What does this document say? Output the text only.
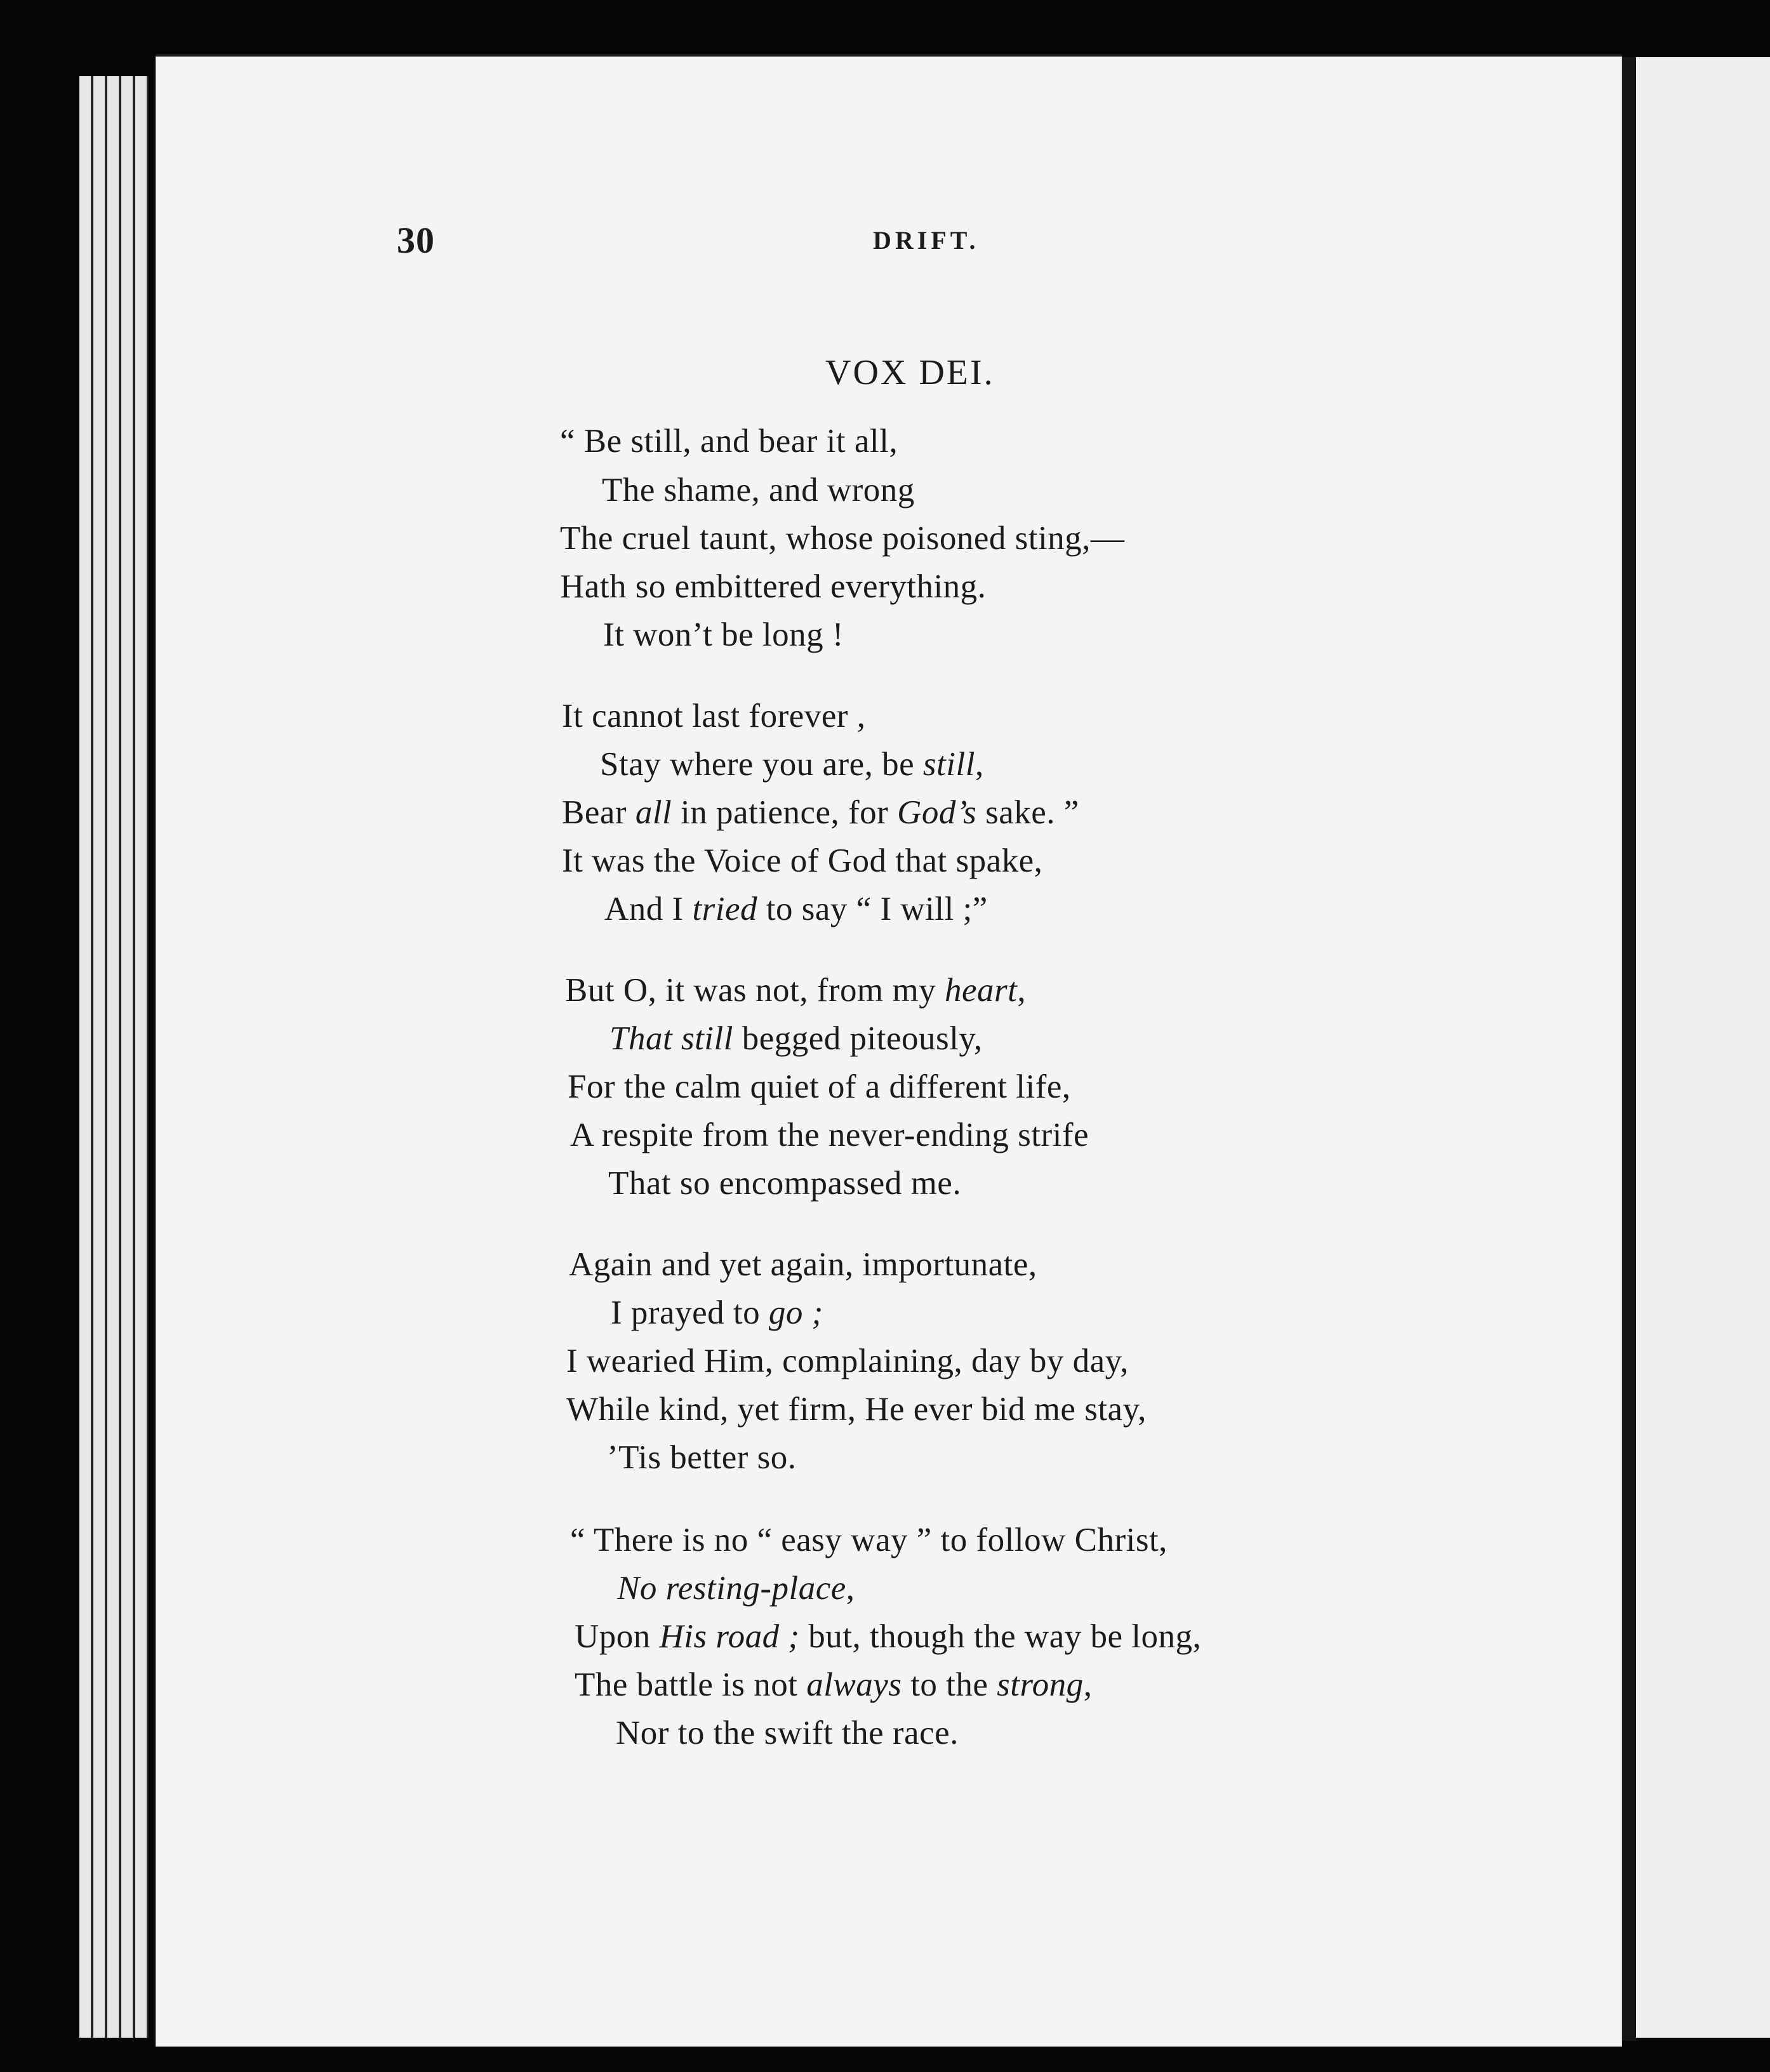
30	DRIFT.
VOX DEI.
“ Be still, and bear it all,
The shame, and wrong
The cruel taunt, whose poisoned sting,—
Hath so embittered everything.
It won’t be long !
It cannot last forever ,
Stay where you are, be still,
Bear all in patience, for God’s sake. ”
It was the Voice of God that spake,
And I tried to say “ I will ;”
But O, it was not, from my heart,
That still begged piteously,
For the calm quiet of a different life,
A respite from the never-ending strife
That so encompassed me.
Again and yet again, importunate,
I prayed to go ;
I wearied Him, complaining, day by day,
While kind, yet firm, He ever bid me stay,
’Tis better so.
“ There is no “ easy way ” to follow Christ,
No resting-place,
Upon His road ; but, though the way be long,
The battle is not always to the strong,
Nor to the swift the race.
